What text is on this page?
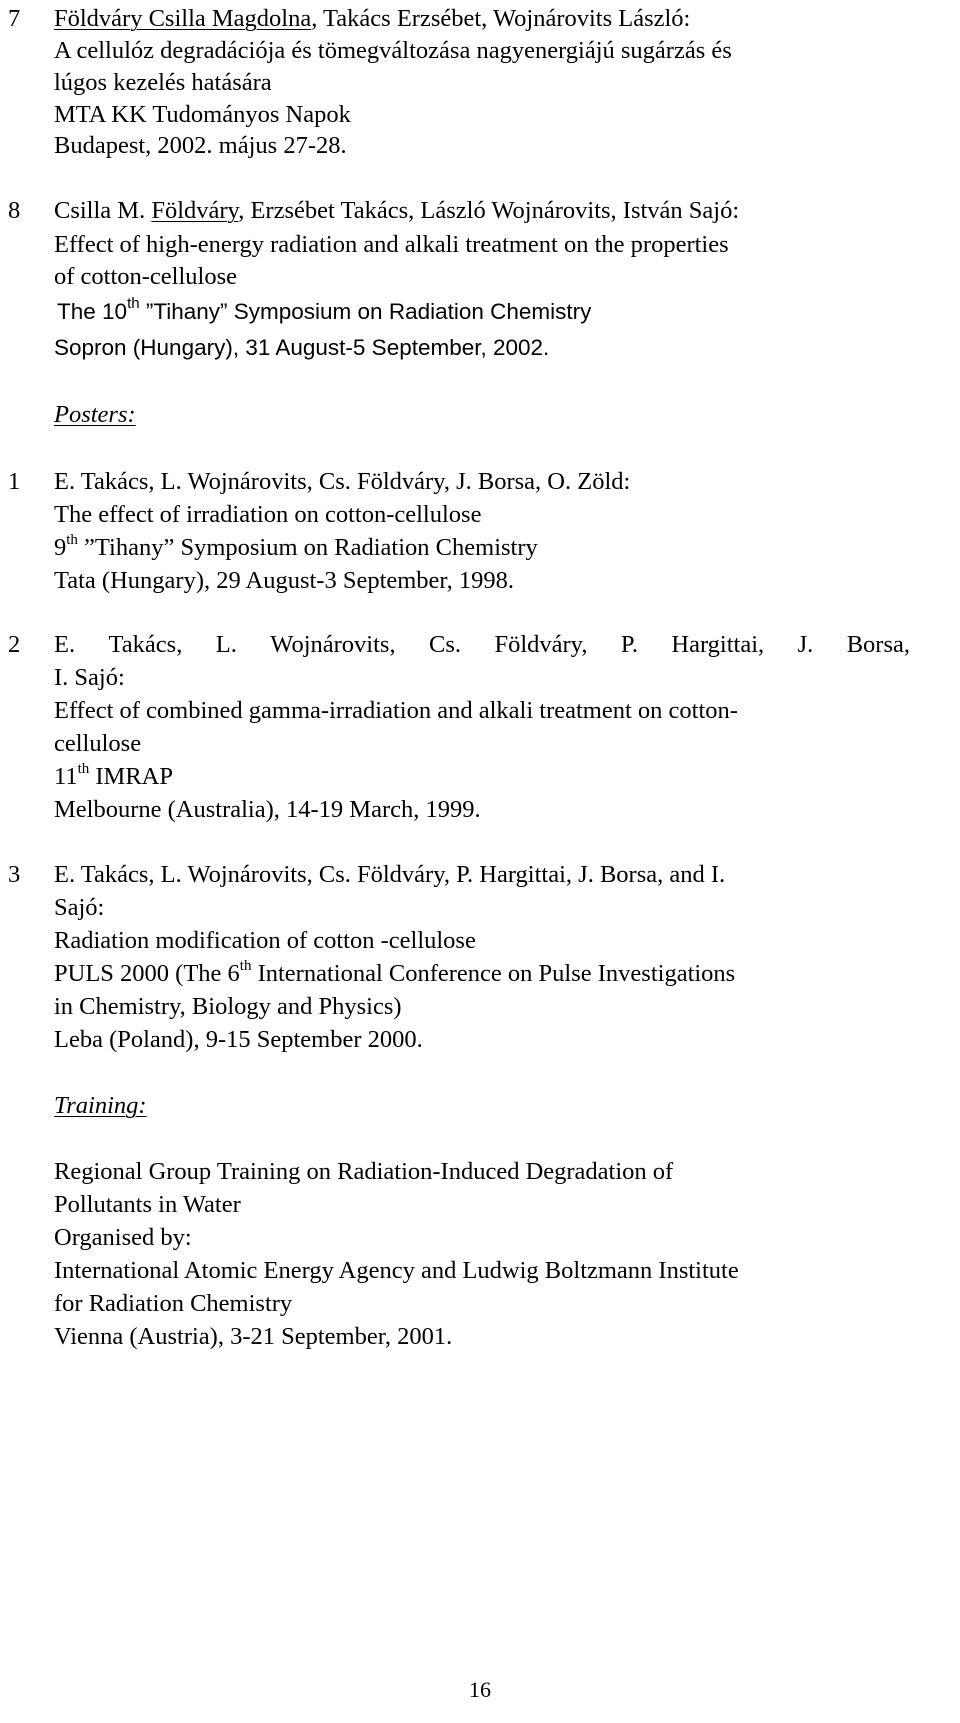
7 Földváry Csilla Magdolna, Takács Erzsébet, Wojnárovits László:
A cellulóz degradációja és tömegváltozása nagyenergiájú sugárzás és
lúgos kezelés hatására
MTA KK Tudományos Napok
Budapest, 2002. május 27-28.
8 Csilla M. Földváry, Erzsébet Takács, László Wojnárovits, István Sajó:
Effect of high-energy radiation and alkali treatment on the properties
of cotton-cellulose
The 10th ”Tihany” Symposium on Radiation Chemistry
Sopron (Hungary), 31 August-5 September, 2002.
Posters:
1 E. Takács, L. Wojnárovits, Cs. Földváry, J. Borsa, O. Zöld:
The effect of irradiation on cotton-cellulose
9th ”Tihany” Symposium on Radiation Chemistry
Tata (Hungary), 29 August-3 September, 1998.
2 E. Takács, L. Wojnárovits, Cs. Földváry, P. Hargittai, J. Borsa,
I. Sajó:
Effect of combined gamma-irradiation and alkali treatment on cotton-
cellulose
11th IMRAP
Melbourne (Australia), 14-19 March, 1999.
3 E. Takács, L. Wojnárovits, Cs. Földváry, P. Hargittai, J. Borsa, and I.
Sajó:
Radiation modification of cotton -cellulose
PULS 2000 (The 6th International Conference on Pulse Investigations
in Chemistry, Biology and Physics)
Leba (Poland), 9-15 September 2000.
Training:
Regional Group Training on Radiation-Induced Degradation of
Pollutants in Water
Organised by:
International Atomic Energy Agency and Ludwig Boltzmann Institute
for Radiation Chemistry
Vienna (Austria), 3-21 September, 2001.
16
